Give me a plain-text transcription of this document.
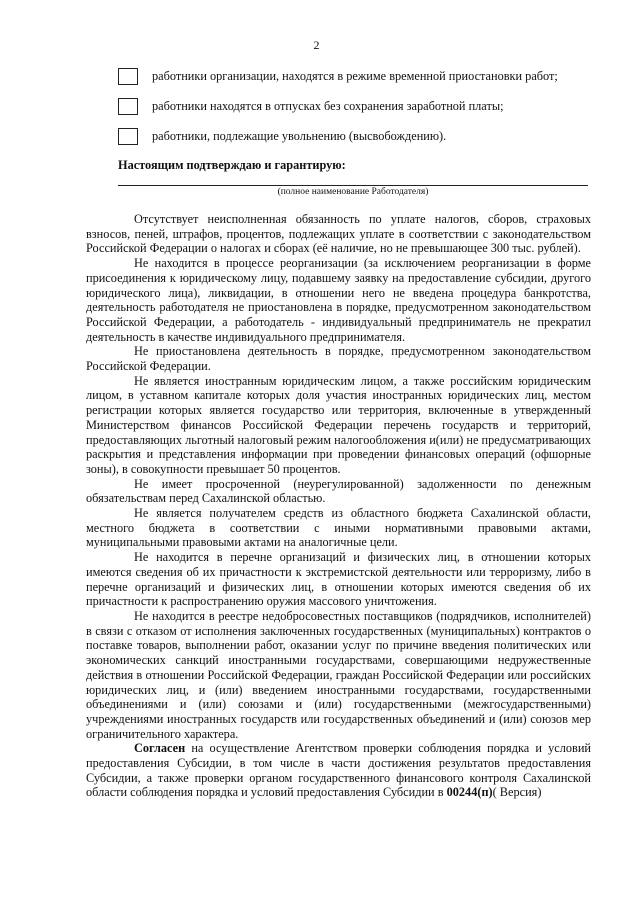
2
работники организации, находятся в режиме временной приостановки работ;
работники находятся в отпусках без сохранения заработной платы;
работники, подлежащие увольнению (высвобождению).
Настоящим подтверждаю и гарантирую:
(полное наименование Работодателя)

Отсутствует неисполненная обязанность по уплате налогов, сборов, страховых взносов, пеней, штрафов, процентов, подлежащих уплате в соответствии с законодательством Российской Федерации о налогах и сборах (её наличие, но не превышающее 300 тыс. рублей).

Не находится в процессе реорганизации (за исключением реорганизации в форме присоединения к юридическому лицу, подавшему заявку на предоставление субсидии, другого юридического лица), ликвидации, в отношении него не введена процедура банкротства, деятельность работодателя не приостановлена в порядке, предусмотренном законодательством Российской Федерации, а работодатель - индивидуальный предприниматель не прекратил деятельность в качестве индивидуального предпринимателя.

Не приостановлена деятельность в порядке, предусмотренном законодательством Российской Федерации.

Не является иностранным юридическим лицом, а также российским юридическим лицом, в уставном капитале которых доля участия иностранных юридических лиц, местом регистрации которых является государство или территория, включенные в утвержденный Министерством финансов Российской Федерации перечень государств и территорий, предоставляющих льготный налоговый режим налогообложения и(или) не предусматривающих раскрытия и представления информации при проведении финансовых операций (офшорные зоны), в совокупности превышает 50 процентов.

Не имеет просроченной (неурегулированной) задолженности по денежным обязательствам перед Сахалинской областью.

Не является получателем средств из областного бюджета Сахалинской области, местного бюджета в соответствии с иными нормативными правовыми актами, муниципальными правовыми актами на аналогичные цели.

Не находится в перечне организаций и физических лиц, в отношении которых имеются сведения об их причастности к экстремистской деятельности или терроризму, либо в перечне организаций и физических лиц, в отношении которых имеются сведения об их причастности к распространению оружия массового уничтожения.

Не находится в реестре недобросовестных поставщиков (подрядчиков, исполнителей) в связи с отказом от исполнения заключенных государственных (муниципальных) контрактов о поставке товаров, выполнении работ, оказании услуг по причине введения политических или экономических санкций иностранными государствами, совершающими недружественные действия в отношении Российской Федерации, граждан Российской Федерации или российских юридических лиц, и (или) введением иностранными государствами, государственными объединениями и (или) союзами и (или) государственными (межгосударственными) учреждениями иностранных государств или государственных объединений и (или) союзов мер ограничительного характера.

Согласен на осуществление Агентством проверки соблюдения порядка и условий предоставления Субсидии, в том числе в части достижения результатов предоставления Субсидии, а также проверки органом государственного финансового контроля Сахалинской области соблюдения порядка и условий предоставления Субсидии в 00244(п)( Версия)
